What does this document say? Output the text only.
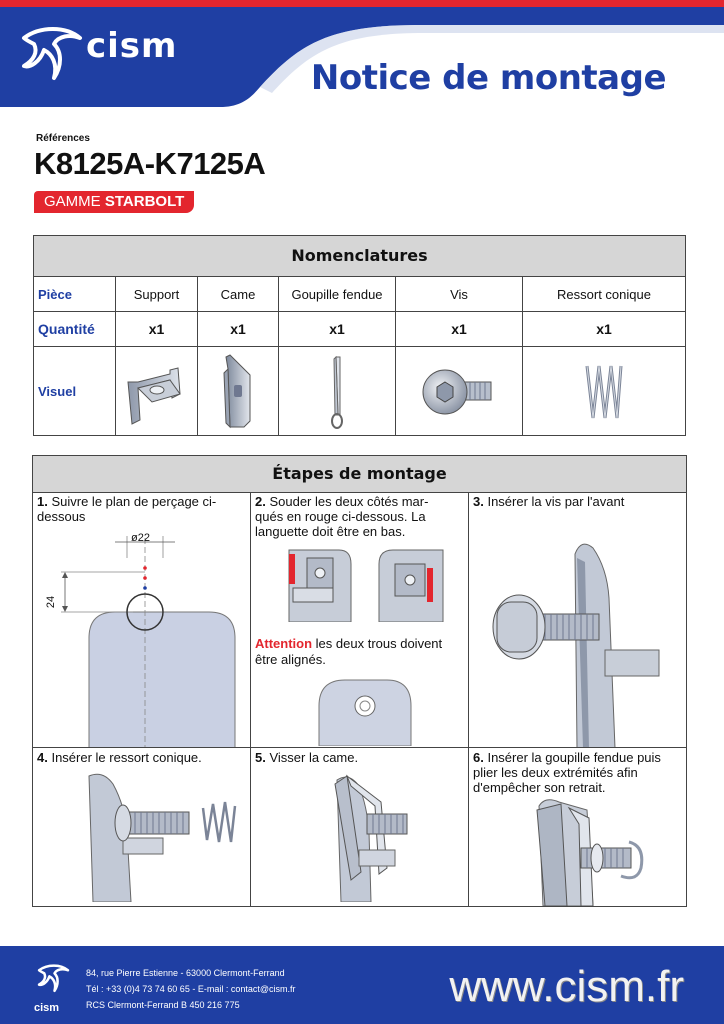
cism
Notice de montage
Références
K8125A-K7125A
GAMME STARBOLT
Nomenclatures
Pièce	Support	Came	Goupille fendue	Vis	Ressort conique
Quantité	x1	x1	x1	x1	x1
Visuel
Étapes de montage
1. Suivre le plan de perçage ci-dessous
ø22
24
2. Souder les deux côtés mar-
qués en rouge ci-dessous. La languette doit être en bas.
Attention les deux trous doivent être alignés.
3. Insérer la vis par l'avant
4. Insérer le ressort conique.	5. Visser la came.	6. Insérer la goupille fendue puis plier les deux extrémités afin d'empêcher son retrait.
cism
84, rue Pierre Estienne - 63000 Clermont-Ferrand
Tél : +33 (0)4 73 74 60 65 - E-mail : contact@cism.fr
RCS Clermont-Ferrand B 450 216 775	www.cism.fr
